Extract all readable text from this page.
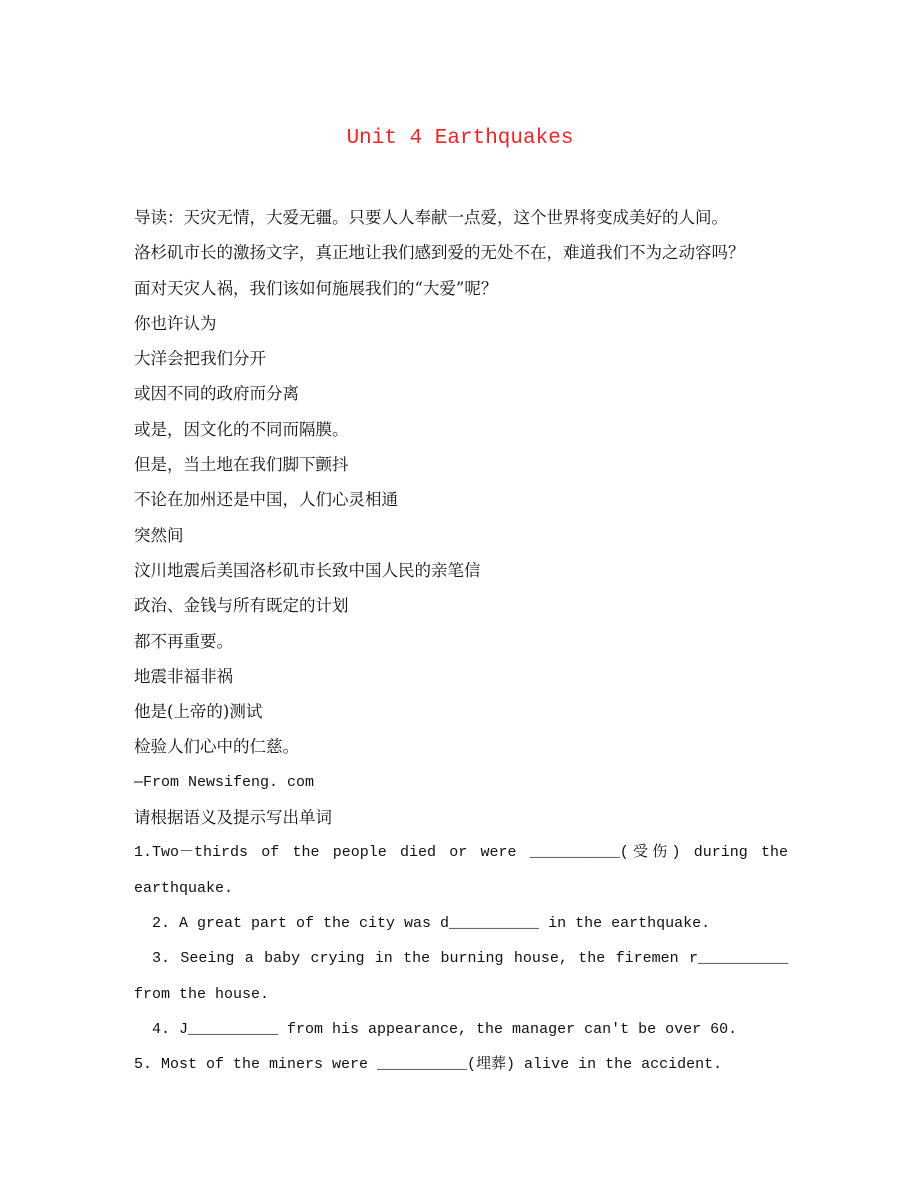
Unit 4 Earthquakes
导读：天灾无情，大爱无疆。只要人人奉献一点爱，这个世界将变成美好的人间。
洛杉矶市长的激扬文字，真正地让我们感到爱的无处不在，难道我们不为之动容吗？
面对天灾人祸，我们该如何施展我们的“大爱”呢？
你也许认为
大洋会把我们分开
或因不同的政府而分离
或是，因文化的不同而隔膜。
但是，当土地在我们脚下颤抖
不论在加州还是中国，人们心灵相通
突然间
汶川地震后美国洛杉矶市长致中国人民的亲笔信
政治、金钱与所有既定的计划
都不再重要。
地震非福非祸
他是(上帝的)测试
检验人们心中的仁慈。
—From Newsifeng. com
请根据语义及提示写出单词
1.Two－thirds of the people died or were __________(受伤) during the
earthquake.
2. A great part of the city was d__________ in the earthquake.
3. Seeing a baby crying in the burning house, the firemen r__________
from the house.
4. J__________ from his appearance, the manager can't be over 60.
5. Most of the miners were __________(埋葬) alive in the accident.
